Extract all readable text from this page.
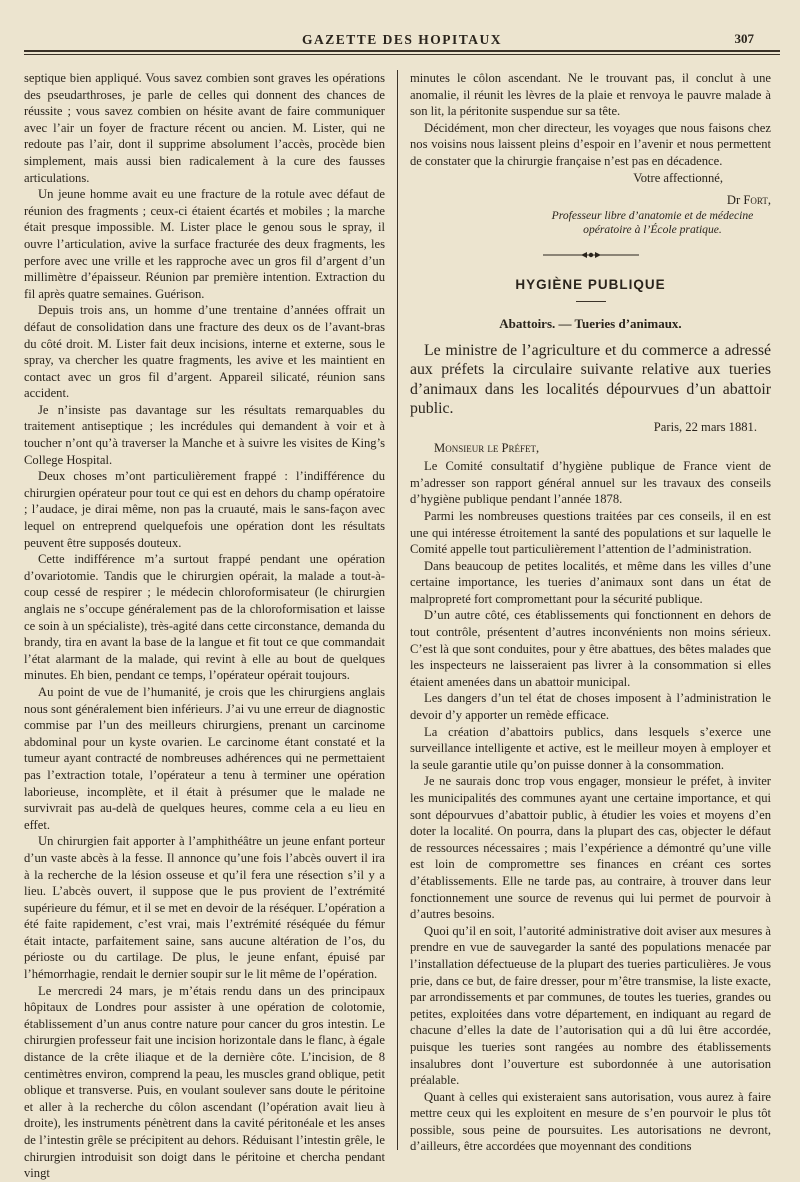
GAZETTE DES HOPITAUX	307

septique bien appliqué. Vous savez combien sont graves les opérations des pseudarthroses, je parle de celles qui donnent des chances de réussite ; vous savez combien on hésite avant de faire communiquer avec l’air un foyer de fracture récent ou ancien. M. Lister, qui ne redoute pas l’air, dont il supprime absolument l’accès, procède bien simplement, mais aussi bien radicalement à la cure des fausses articulations.

Un jeune homme avait eu une fracture de la rotule avec défaut de réunion des fragments ; ceux-ci étaient écartés et mobiles ; la marche était presque impossible. M. Lister place le genou sous le spray, il ouvre l’articulation, avive la surface fracturée des deux fragments, les perfore avec une vrille et les rapproche avec un gros fil d’argent d’un millimètre d’épaisseur. Réunion par première intention. Extraction du fil après quatre semaines. Guérison.

Depuis trois ans, un homme d’une trentaine d’années offrait un défaut de consolidation dans une fracture des deux os de l’avant-bras du côté droit. M. Lister fait deux incisions, interne et externe, sous le spray, va chercher les quatre fragments, les avive et les maintient en contact avec un gros fil d’argent. Appareil silicaté, réunion sans accident.

Je n’insiste pas davantage sur les résultats remarquables du traitement antiseptique ; les incrédules qui demandent à voir et à toucher n’ont qu’à traverser la Manche et à suivre les visites de King’s College Hospital.

Deux choses m’ont particulièrement frappé : l’indifférence du chirurgien opérateur pour tout ce qui est en dehors du champ opératoire ; l’audace, je dirai même, non pas la cruauté, mais le sans-façon avec lequel on entreprend quelquefois une opération dont les résultats peuvent être supposés douteux.

Cette indifférence m’a surtout frappé pendant une opération d’ovariotomie. Tandis que le chirurgien opérait, la malade a tout-à-coup cessé de respirer ; le médecin chloroformisateur (le chirurgien anglais ne s’occupe généralement pas de la chloroformisation et laisse ce soin à un spécialiste), très-agité dans cette circonstance, demanda du brandy, tira en avant la base de la langue et fit tout ce que commandait l’état alarmant de la malade, qui revint à elle au bout de quelques minutes. Eh bien, pendant ce temps, l’opérateur opérait toujours.

Au point de vue de l’humanité, je crois que les chirurgiens anglais nous sont généralement bien inférieurs. J’ai vu une erreur de diagnostic commise par l’un des meilleurs chirurgiens, prenant un carcinome abdominal pour un kyste ovarien. Le carcinome étant constaté et la tumeur ayant contracté de nombreuses adhérences qui ne permettaient pas l’extraction totale, l’opérateur a tenu à terminer une opération laborieuse, incomplète, et il était à présumer que le malade ne survivrait pas au-delà de quelques heures, comme cela a eu lieu en effet.

Un chirurgien fait apporter à l’amphithéâtre un jeune enfant porteur d’un vaste abcès à la fesse. Il annonce qu’une fois l’abcès ouvert il ira à la recherche de la lésion osseuse et qu’il fera une résection s’il y a lieu. L’abcès ouvert, il suppose que le pus provient de l’extrémité supérieure du fémur, et il se met en devoir de la réséquer. L’opération a été faite rapidement, c’est vrai, mais l’extrémité réséquée du fémur était intacte, parfaitement saine, sans aucune altération de l’os, du périoste ou du cartilage. De plus, le jeune enfant, épuisé par l’hémorrhagie, rendait le dernier soupir sur le lit même de l’opération.

Le mercredi 24 mars, je m’étais rendu dans un des principaux hôpitaux de Londres pour assister à une opération de colotomie, établissement d’un anus contre nature pour cancer du gros intestin. Le chirurgien professeur fait une incision horizontale dans le flanc, à égale distance de la crête iliaque et de la dernière côte. L’incision, de 8 centimètres environ, comprend la peau, les muscles grand oblique, petit oblique et transverse. Puis, en voulant soulever sans doute le péritoine et aller à la recherche du côlon ascendant (l’opération avait lieu à droite), les instruments pénètrent dans la cavité péritonéale et les anses de l’intestin grêle se précipitent au dehors. Réduisant l’intestin grêle, le chirurgien introduisit son doigt dans le péritoine et chercha pendant vingt

minutes le côlon ascendant. Ne le trouvant pas, il conclut à une anomalie, il réunit les lèvres de la plaie et renvoya le pauvre malade à son lit, la péritonite suspendue sur sa tête.

Décidément, mon cher directeur, les voyages que nous faisons chez nos voisins nous laissent pleins d’espoir en l’avenir et nous permettent de constater que la chirurgie française n’est pas en décadence.

Votre affectionné,

Dr Fort,

Professeur libre d’anatomie et de médecine

opératoire à l’École pratique.

HYGIÈNE PUBLIQUE
Abattoirs. — Tueries d’animaux.

Le ministre de l’agriculture et du commerce a adressé aux préfets la circulaire suivante relative aux tueries d’animaux dans les localités dépourvues d’un abattoir public.

Paris, 22 mars 1881.

Monsieur le Préfet,

Le Comité consultatif d’hygiène publique de France vient de m’adresser son rapport général annuel sur les travaux des conseils d’hygiène publique pendant l’année 1878.

Parmi les nombreuses questions traitées par ces conseils, il en est une qui intéresse étroitement la santé des populations et sur laquelle le Comité appelle tout particulièrement l’attention de l’administration.

Dans beaucoup de petites localités, et même dans les villes d’une certaine importance, les tueries d’animaux sont dans un état de malpropreté fort compromettant pour la sécurité publique.

D’un autre côté, ces établissements qui fonctionnent en dehors de tout contrôle, présentent d’autres inconvénients non moins sérieux. C’est là que sont conduites, pour y être abattues, des bêtes malades que les inspecteurs ne laisseraient pas livrer à la consommation si elles étaient amenées dans un abattoir municipal.

Les dangers d’un tel état de choses imposent à l’administration le devoir d’y apporter un remède efficace.

La création d’abattoirs publics, dans lesquels s’exerce une surveillance intelligente et active, est le meilleur moyen à employer et la seule garantie utile qu’on puisse donner à la consommation.

Je ne saurais donc trop vous engager, monsieur le préfet, à inviter les municipalités des communes ayant une certaine importance, et qui sont dépourvues d’abattoir public, à étudier les voies et moyens d’en doter la localité. On pourra, dans la plupart des cas, objecter le défaut de ressources nécessaires ; mais l’expérience a démontré qu’une ville est loin de compromettre ses finances en créant ces sortes d’établissements. Elle ne tarde pas, au contraire, à trouver dans leur fonctionnement une source de revenus qui lui permet de pourvoir à d’autres besoins.

Quoi qu’il en soit, l’autorité administrative doit aviser aux mesures à prendre en vue de sauvegarder la santé des populations menacée par l’installation défectueuse de la plupart des tueries particulières. Je vous prie, dans ce but, de faire dresser, pour m’être transmise, la liste exacte, par arrondissements et par communes, de toutes les tueries, grandes ou petites, exploitées dans votre département, en indiquant au regard de chacune d’elles la date de l’autorisation qui a dû lui être accordée, puisque les tueries sont rangées au nombre des établissements insalubres dont l’ouverture est subordonnée à une autorisation préalable.

Quant à celles qui existeraient sans autorisation, vous aurez à faire mettre ceux qui les exploitent en mesure de s’en pourvoir le plus tôt possible, sous peine de poursuites. Les autorisations ne devront, d’ailleurs, être accordées que moyennant des conditions
